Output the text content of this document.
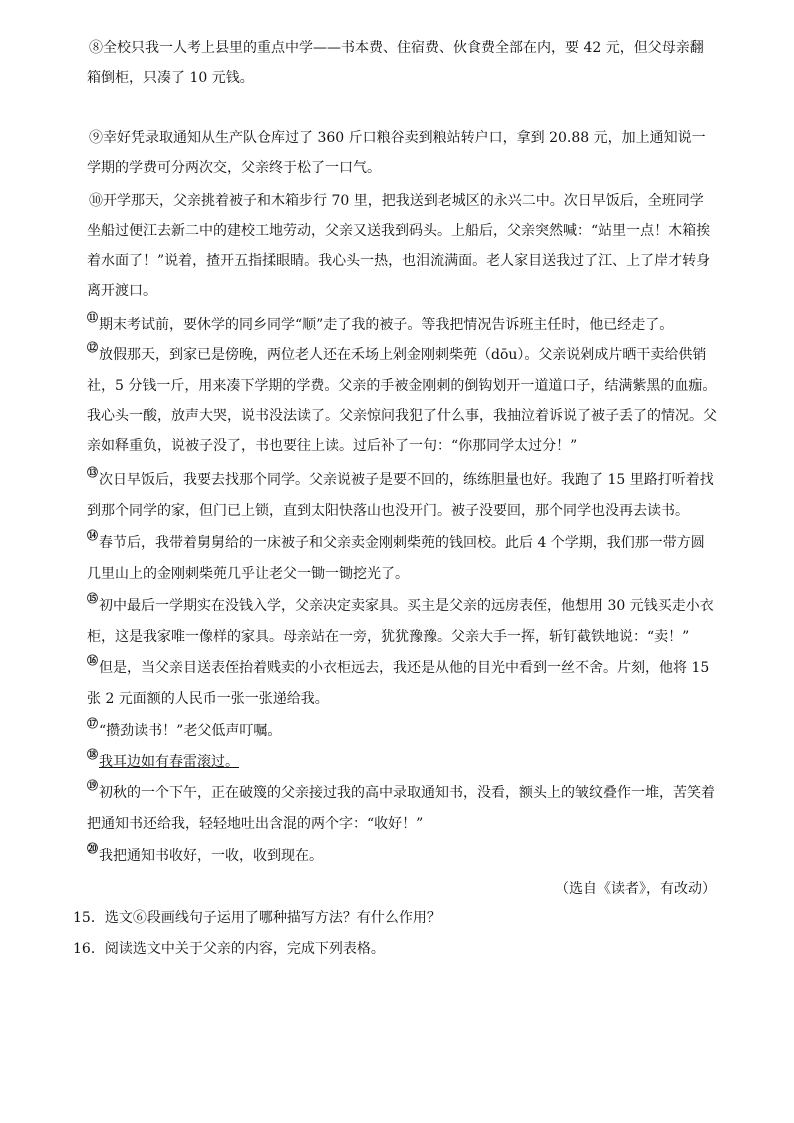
⑧全校只我一人考上县里的重点中学——书本费、住宿费、伙食费全部在内，要 42 元，但父母亲翻箱倒柜，只凑了 10 元钱。

⑨幸好凭录取通知从生产队仓库过了 360 斤口粮谷卖到粮站转户口，拿到 20.88 元，加上通知说一学期的学费可分两次交，父亲终于松了一口气。

⑩开学那天，父亲挑着被子和木箱步行 70 里，把我送到老城区的永兴二中。次日早饭后，全班同学坐船过便江去新二中的建校工地劳动，父亲又送我到码头。上船后，父亲突然喊：“站里一点！木箱挨着水面了！”说着，揸开五指揉眼睛。我心头一热，也泪流满面。老人家目送我过了江、上了岸才转身离开渡口。

⑪期末考试前，要休学的同乡同学“顺”走了我的被子。等我把情况告诉班主任时，他已经走了。

⑫放假那天，到家已是傍晚，两位老人还在禾场上剁金刚刺柴蔸（dōu）。父亲说剁成片晒干卖给供销社，5 分钱一斤，用来凑下学期的学费。父亲的手被金刚刺的倒钩划开一道道口子，结满紫黑的血痂。我心头一酸，放声大哭，说书没法读了。父亲惊问我犯了什么事，我抽泣着诉说了被子丢了的情况。父亲如释重负，说被子没了，书也要往上读。过后补了一句：“你那同学太过分！”

⑬次日早饭后，我要去找那个同学。父亲说被子是要不回的，练练胆量也好。我跑了 15 里路打听着找到那个同学的家，但门已上锁，直到太阳快落山也没开门。被子没要回，那个同学也没再去读书。

⑭春节后，我带着舅舅给的一床被子和父亲卖金刚刺柴蔸的钱回校。此后 4 个学期，我们那一带方圆几里山上的金刚刺柴蔸几乎让老父一锄一锄挖光了。

⑮初中最后一学期实在没钱入学，父亲决定卖家具。买主是父亲的远房表侄，他想用 30 元钱买走小衣柜，这是我家唯一像样的家具。母亲站在一旁，犹犹豫豫。父亲大手一挥，斩钉截铁地说：“卖！”

⑯但是，当父亲目送表侄抬着贱卖的小衣柜远去，我还是从他的目光中看到一丝不舍。片刻，他将 15 张 2 元面额的人民币一张一张递给我。

⑰“攒劲读书！”老父低声叮嘱。

⑱我耳边如有春雷滚过。

⑲初秋的一个下午，正在破篾的父亲接过我的高中录取通知书，没看，额头上的皱纹叠作一堆，苦笑着把通知书还给我，轻轻地吐出含混的两个字：“收好！”

⑳我把通知书收好，一收，收到现在。

（选自《读者》，有改动）
15．选文⑥段画线句子运用了哪种描写方法？有什么作用？
16．阅读选文中关于父亲的内容，完成下列表格。
